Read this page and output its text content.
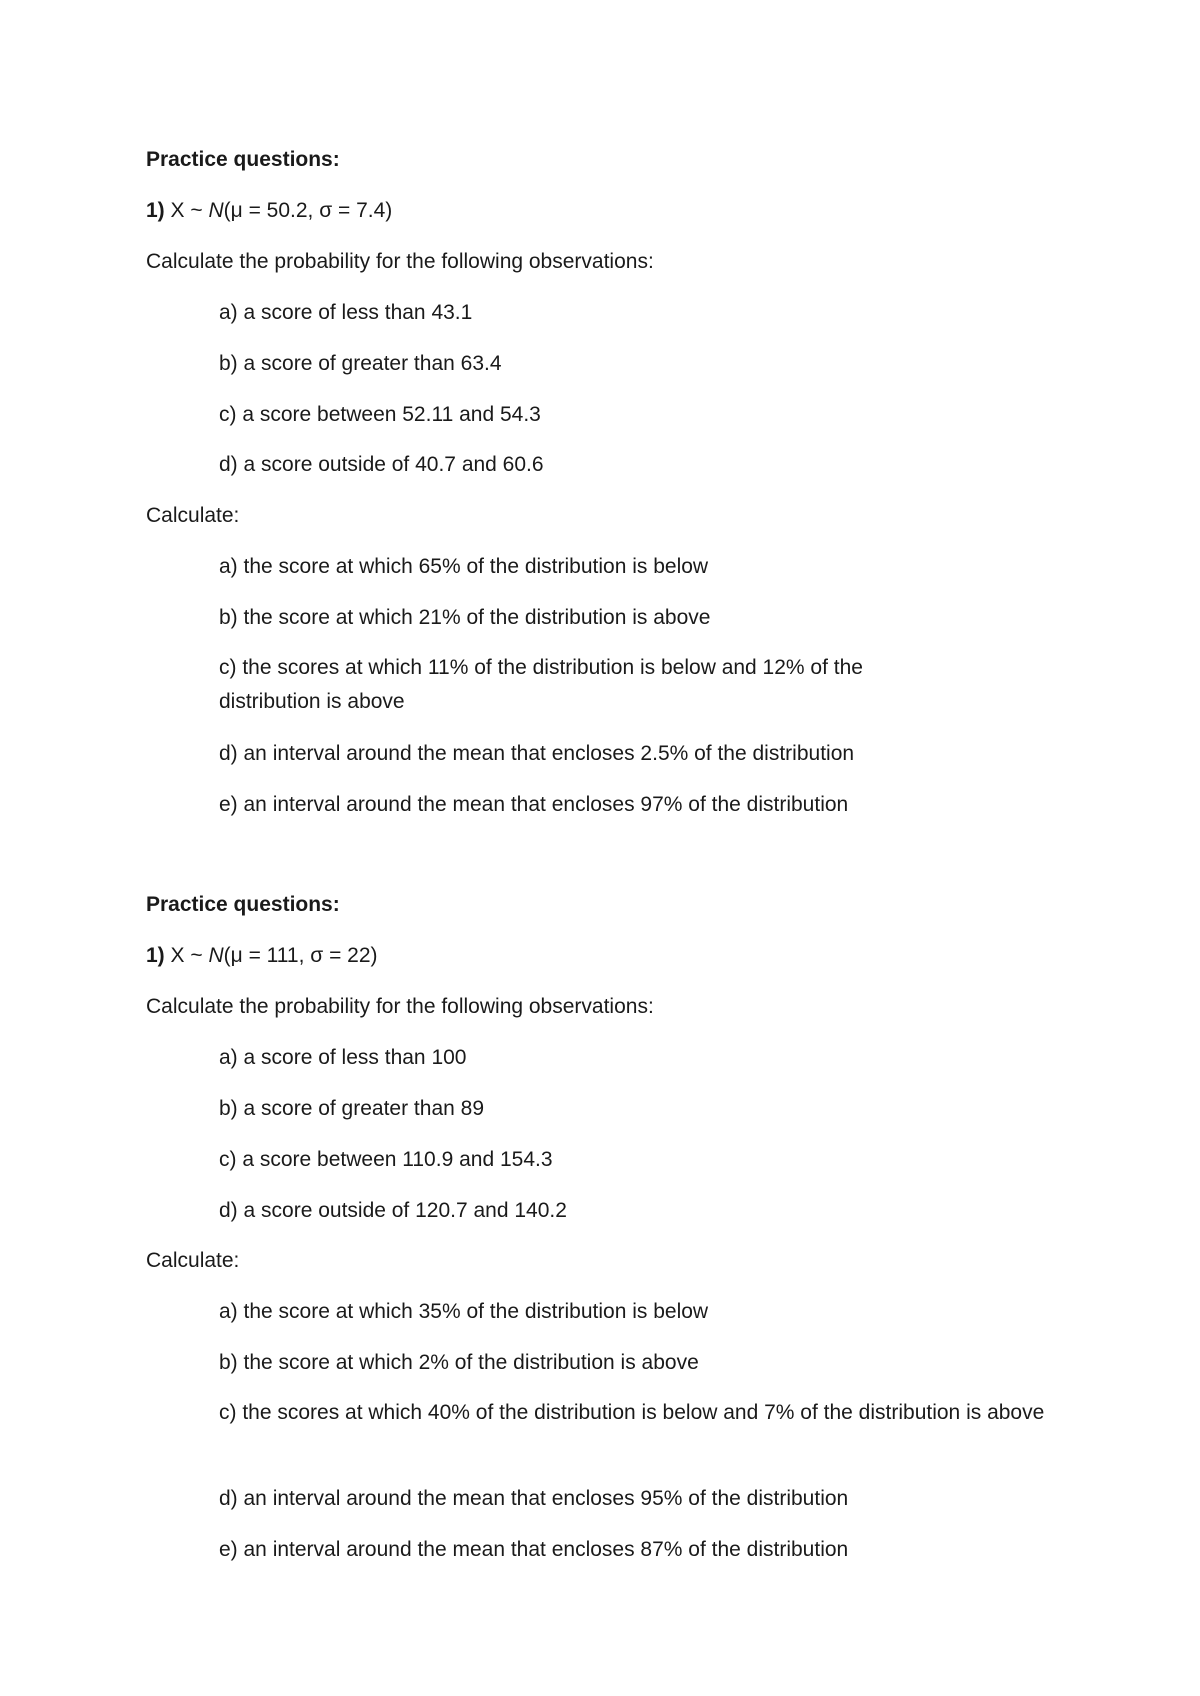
Practice questions:
1) X ~ N(μ = 50.2, σ = 7.4)
Calculate the probability for the following observations:
a) a score of less than 43.1
b) a score of greater than 63.4
c) a score between 52.11 and 54.3
d) a score outside of 40.7 and 60.6
Calculate:
a) the score at which 65% of the distribution is below
b) the score at which 21% of the distribution is above
c) the scores at which 11% of the distribution is below and 12% of the distribution is above
d) an interval around the mean that encloses 2.5% of the distribution
e) an interval around the mean that encloses 97% of the distribution
Practice questions:
1) X ~ N(μ = 111, σ = 22)
Calculate the probability for the following observations:
a) a score of less than 100
b) a score of greater than 89
c) a score between 110.9 and 154.3
d) a score outside of 120.7 and 140.2
Calculate:
a) the score at which 35% of the distribution is below
b) the score at which 2% of the distribution is above
c) the scores at which 40% of the distribution is below and 7% of the distribution is above
d) an interval around the mean that encloses 95% of the distribution
e) an interval around the mean that encloses 87% of the distribution
